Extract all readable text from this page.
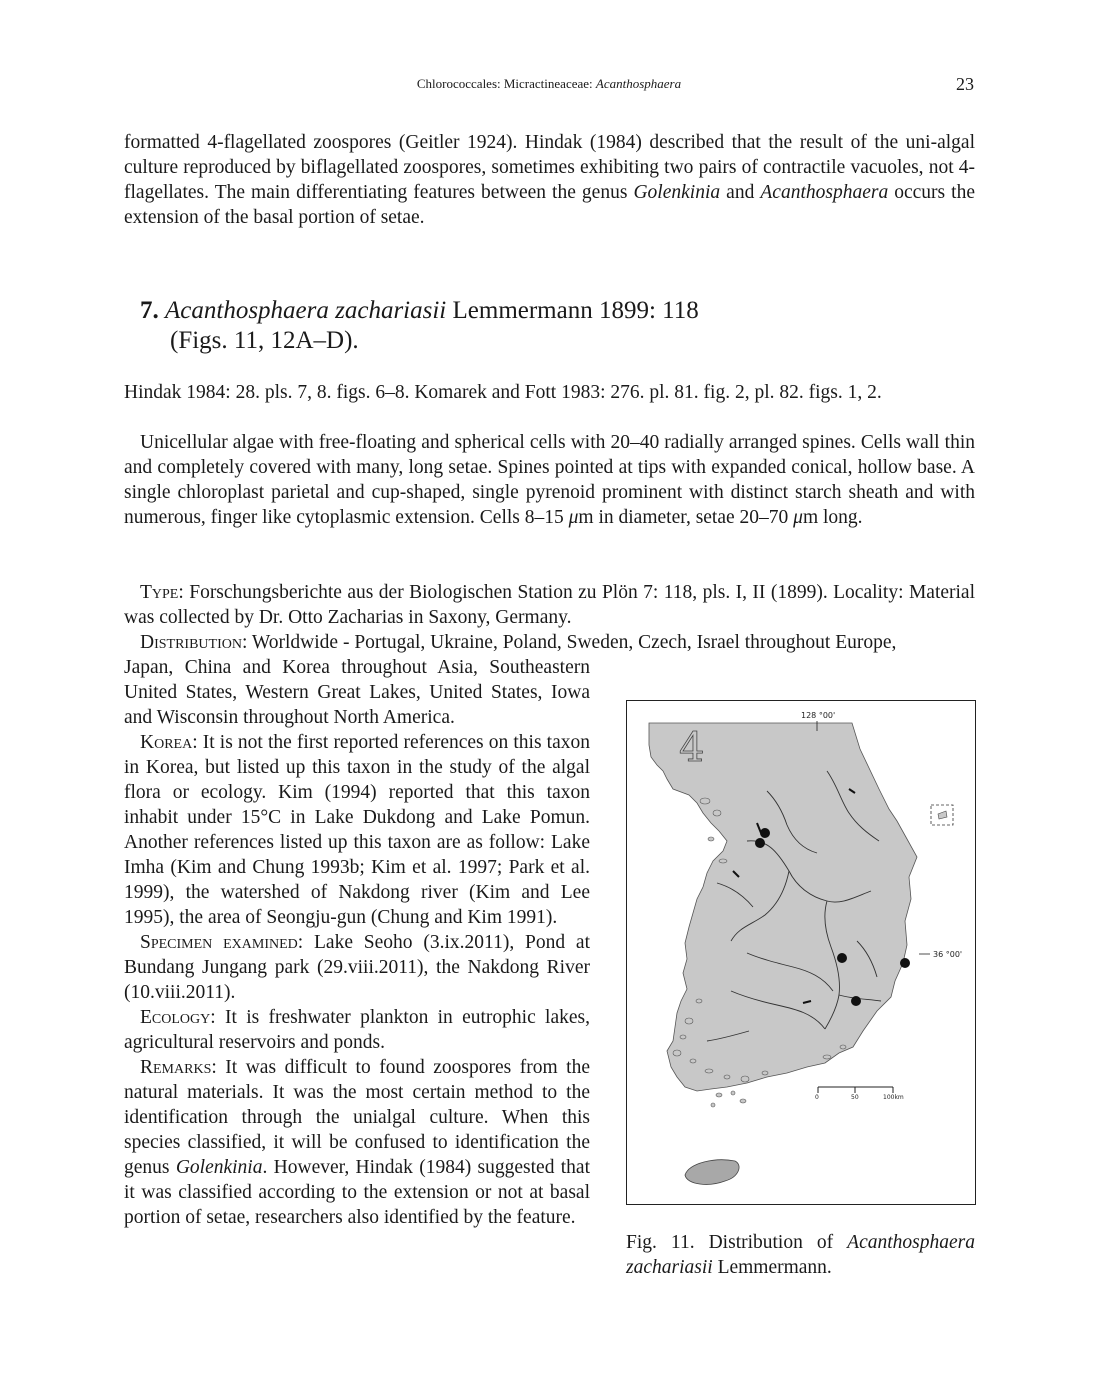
Chlorococcales: Micractineaceae: Acanthosphaera	23
formatted 4-flagellated zoospores (Geitler 1924). Hindak (1984) described that the result of the uni-algal culture reproduced by biflagellated zoospores, sometimes exhibiting two pairs of contractile vacuoles, not 4-flagellates. The main differentiating features between the genus Golenkinia and Acanthosphaera occurs the extension of the basal portion of setae.
7. Acanthosphaera zachariasii Lemmermann 1899: 118
(Figs. 11, 12A–D).
Hindak 1984: 28. pls. 7, 8. figs. 6–8. Komarek and Fott 1983: 276. pl. 81. fig. 2, pl. 82. figs. 1, 2.
Unicellular algae with free-floating and spherical cells with 20–40 radially arranged spines. Cells wall thin and completely covered with many, long setae. Spines pointed at tips with expanded conical, hollow base. A single chloroplast parietal and cup-shaped, single pyrenoid prominent with distinct starch sheath and with numerous, finger like cytoplasmic extension. Cells 8–15 μm in diameter, setae 20–70 μm long.

Type: Forschungsberichte aus der Biologischen Station zu Plön 7: 118, pls. I, II (1899). Locality: Material was collected by Dr. Otto Zacharias in Saxony, Germany.

Distribution: Worldwide - Portugal, Ukraine, Poland, Sweden, Czech, Israel throughout Europe,

Japan, China and Korea throughout Asia, Southeastern United States, Western Great Lakes, United States, Iowa and Wisconsin throughout North America.

Korea: It is not the first reported references on this taxon in Korea, but listed up this taxon in the study of the algal flora or ecology. Kim (1994) reported that this taxon inhabit under 15°C in Lake Dukdong and Lake Pomun. Another references listed up this taxon are as follow: Lake Imha (Kim and Chung 1993b; Kim et al. 1997; Park et al. 1999), the watershed of Nakdong river (Kim and Lee 1995), the area of Seongju-gun (Chung and Kim 1991).

Specimen examined: Lake Seoho (3.ix.2011), Pond at Bundang Jungang park (29.viii.2011), the Nakdong River (10.viii.2011).

Ecology: It is freshwater plankton in eutrophic lakes, agricultural reservoirs and ponds.

Remarks: It was difficult to found zoospores from the natural materials. It was the most certain method to the identification through the unialgal culture. When this species classified, it will be confused to identification the genus Golenkinia. However, Hindak (1984) suggested that it was classified according to the extension or not at basal portion of setae, researchers also identified by the feature.

4
128 °00'
36 °00'
0	50	100km
Fig. 11. Distribution of Acanthosphaera zachariasii Lemmermann.
